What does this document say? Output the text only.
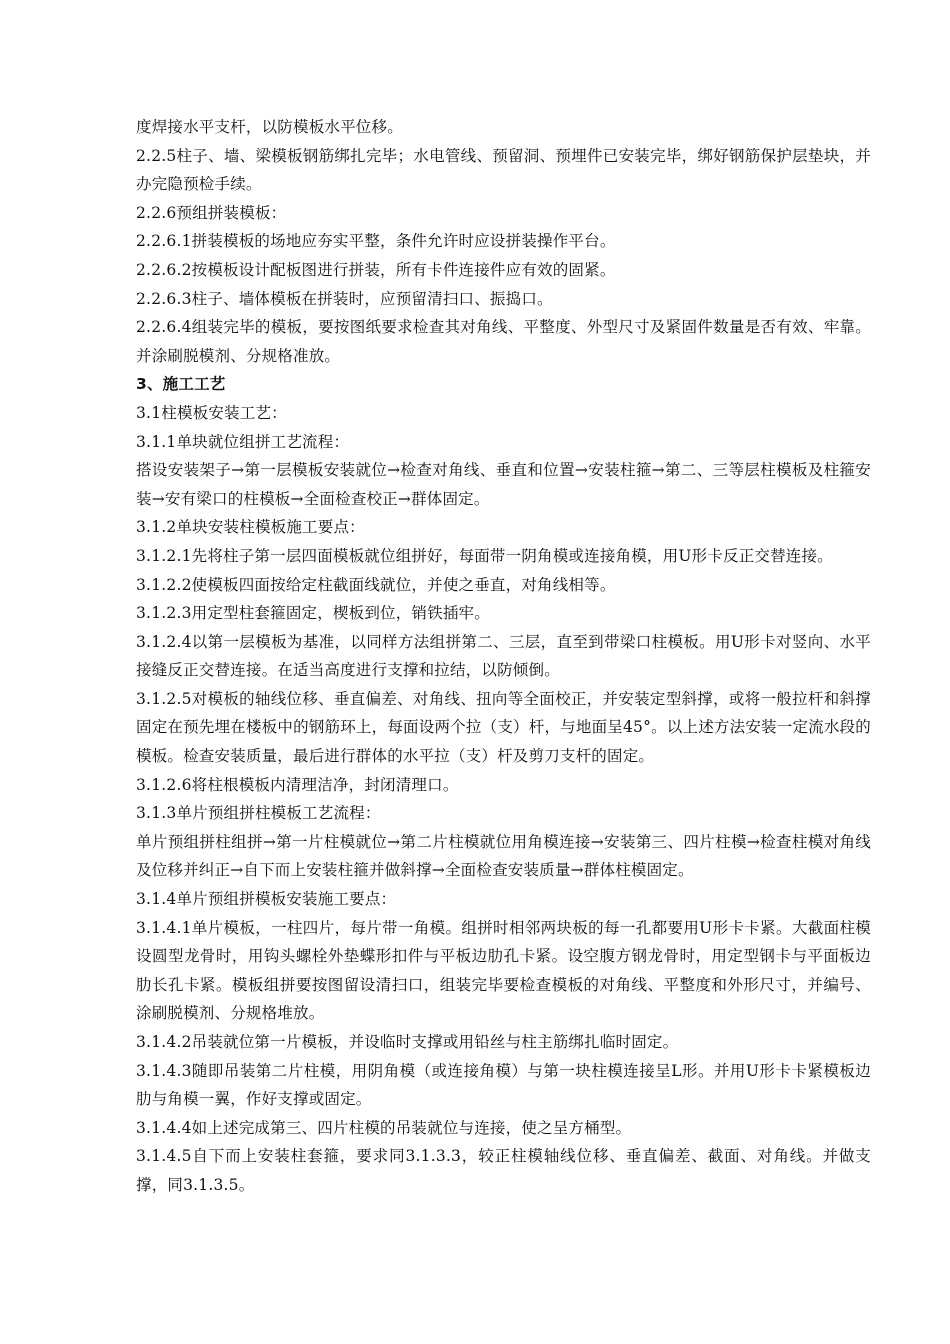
度焊接水平支杆，以防模板水平位移。

2.2.5柱子、墙、梁模板钢筋绑扎完毕；水电管线、预留洞、预埋件已安装完毕，绑好钢筋保护层垫块，并办完隐预检手续。

2.2.6预组拼装模板：

2.2.6.1拼装模板的场地应夯实平整，条件允许时应设拼装操作平台。

2.2.6.2按模板设计配板图进行拼装，所有卡件连接件应有效的固紧。

2.2.6.3柱子、墙体模板在拼装时，应预留清扫口、振捣口。

2.2.6.4组装完毕的模板，要按图纸要求检查其对角线、平整度、外型尺寸及紧固件数量是否有效、牢靠。并涂刷脱模剂、分规格准放。

3、施工工艺

3.1柱模板安装工艺：

3.1.1单块就位组拼工艺流程：

搭设安装架子→第一层模板安装就位→检查对角线、垂直和位置→安装柱箍→第二、三等层柱模板及柱箍安装→安有梁口的柱模板→全面检查校正→群体固定。

3.1.2单块安装柱模板施工要点：

3.1.2.1先将柱子第一层四面模板就位组拼好，每面带一阴角模或连接角模，用U形卡反正交替连接。

3.1.2.2使模板四面按给定柱截面线就位，并使之垂直，对角线相等。

3.1.2.3用定型柱套箍固定，楔板到位，销铁插牢。

3.1.2.4以第一层模板为基准，以同样方法组拼第二、三层，直至到带梁口柱模板。用U形卡对竖向、水平接缝反正交替连接。在适当高度进行支撑和拉结，以防倾倒。

3.1.2.5对模板的轴线位移、垂直偏差、对角线、扭向等全面校正，并安装定型斜撑，或将一般拉杆和斜撑固定在预先埋在楼板中的钢筋环上，每面设两个拉（支）杆，与地面呈45°。以上述方法安装一定流水段的模板。检查安装质量，最后进行群体的水平拉（支）杆及剪刀支杆的固定。

3.1.2.6将柱根模板内清理洁净，封闭清理口。

3.1.3单片预组拼柱模板工艺流程：

单片预组拼柱组拼→第一片柱模就位→第二片柱模就位用角模连接→安装第三、四片柱模→检查柱模对角线及位移并纠正→自下而上安装柱箍并做斜撑→全面检查安装质量→群体柱模固定。

3.1.4单片预组拼模板安装施工要点：

3.1.4.1单片模板，一柱四片，每片带一角模。组拼时相邻两块板的每一孔都要用U形卡卡紧。大截面柱模设圆型龙骨时，用钩头螺栓外垫蝶形扣件与平板边肋孔卡紧。设空腹方钢龙骨时，用定型钢卡与平面板边肋长孔卡紧。模板组拼要按图留设清扫口，组装完毕要检查模板的对角线、平整度和外形尺寸，并编号、涂刷脱模剂、分规格堆放。

3.1.4.2吊装就位第一片模板，并设临时支撑或用铅丝与柱主筋绑扎临时固定。

3.1.4.3随即吊装第二片柱模，用阴角模（或连接角模）与第一块柱模连接呈L形。并用U形卡卡紧模板边肋与角模一翼，作好支撑或固定。

3.1.4.4如上述完成第三、四片柱模的吊装就位与连接，使之呈方桶型。

3.1.4.5自下而上安装柱套箍，要求同3.1.3.3，较正柱模轴线位移、垂直偏差、截面、对角线。并做支撑，同3.1.3.5。
